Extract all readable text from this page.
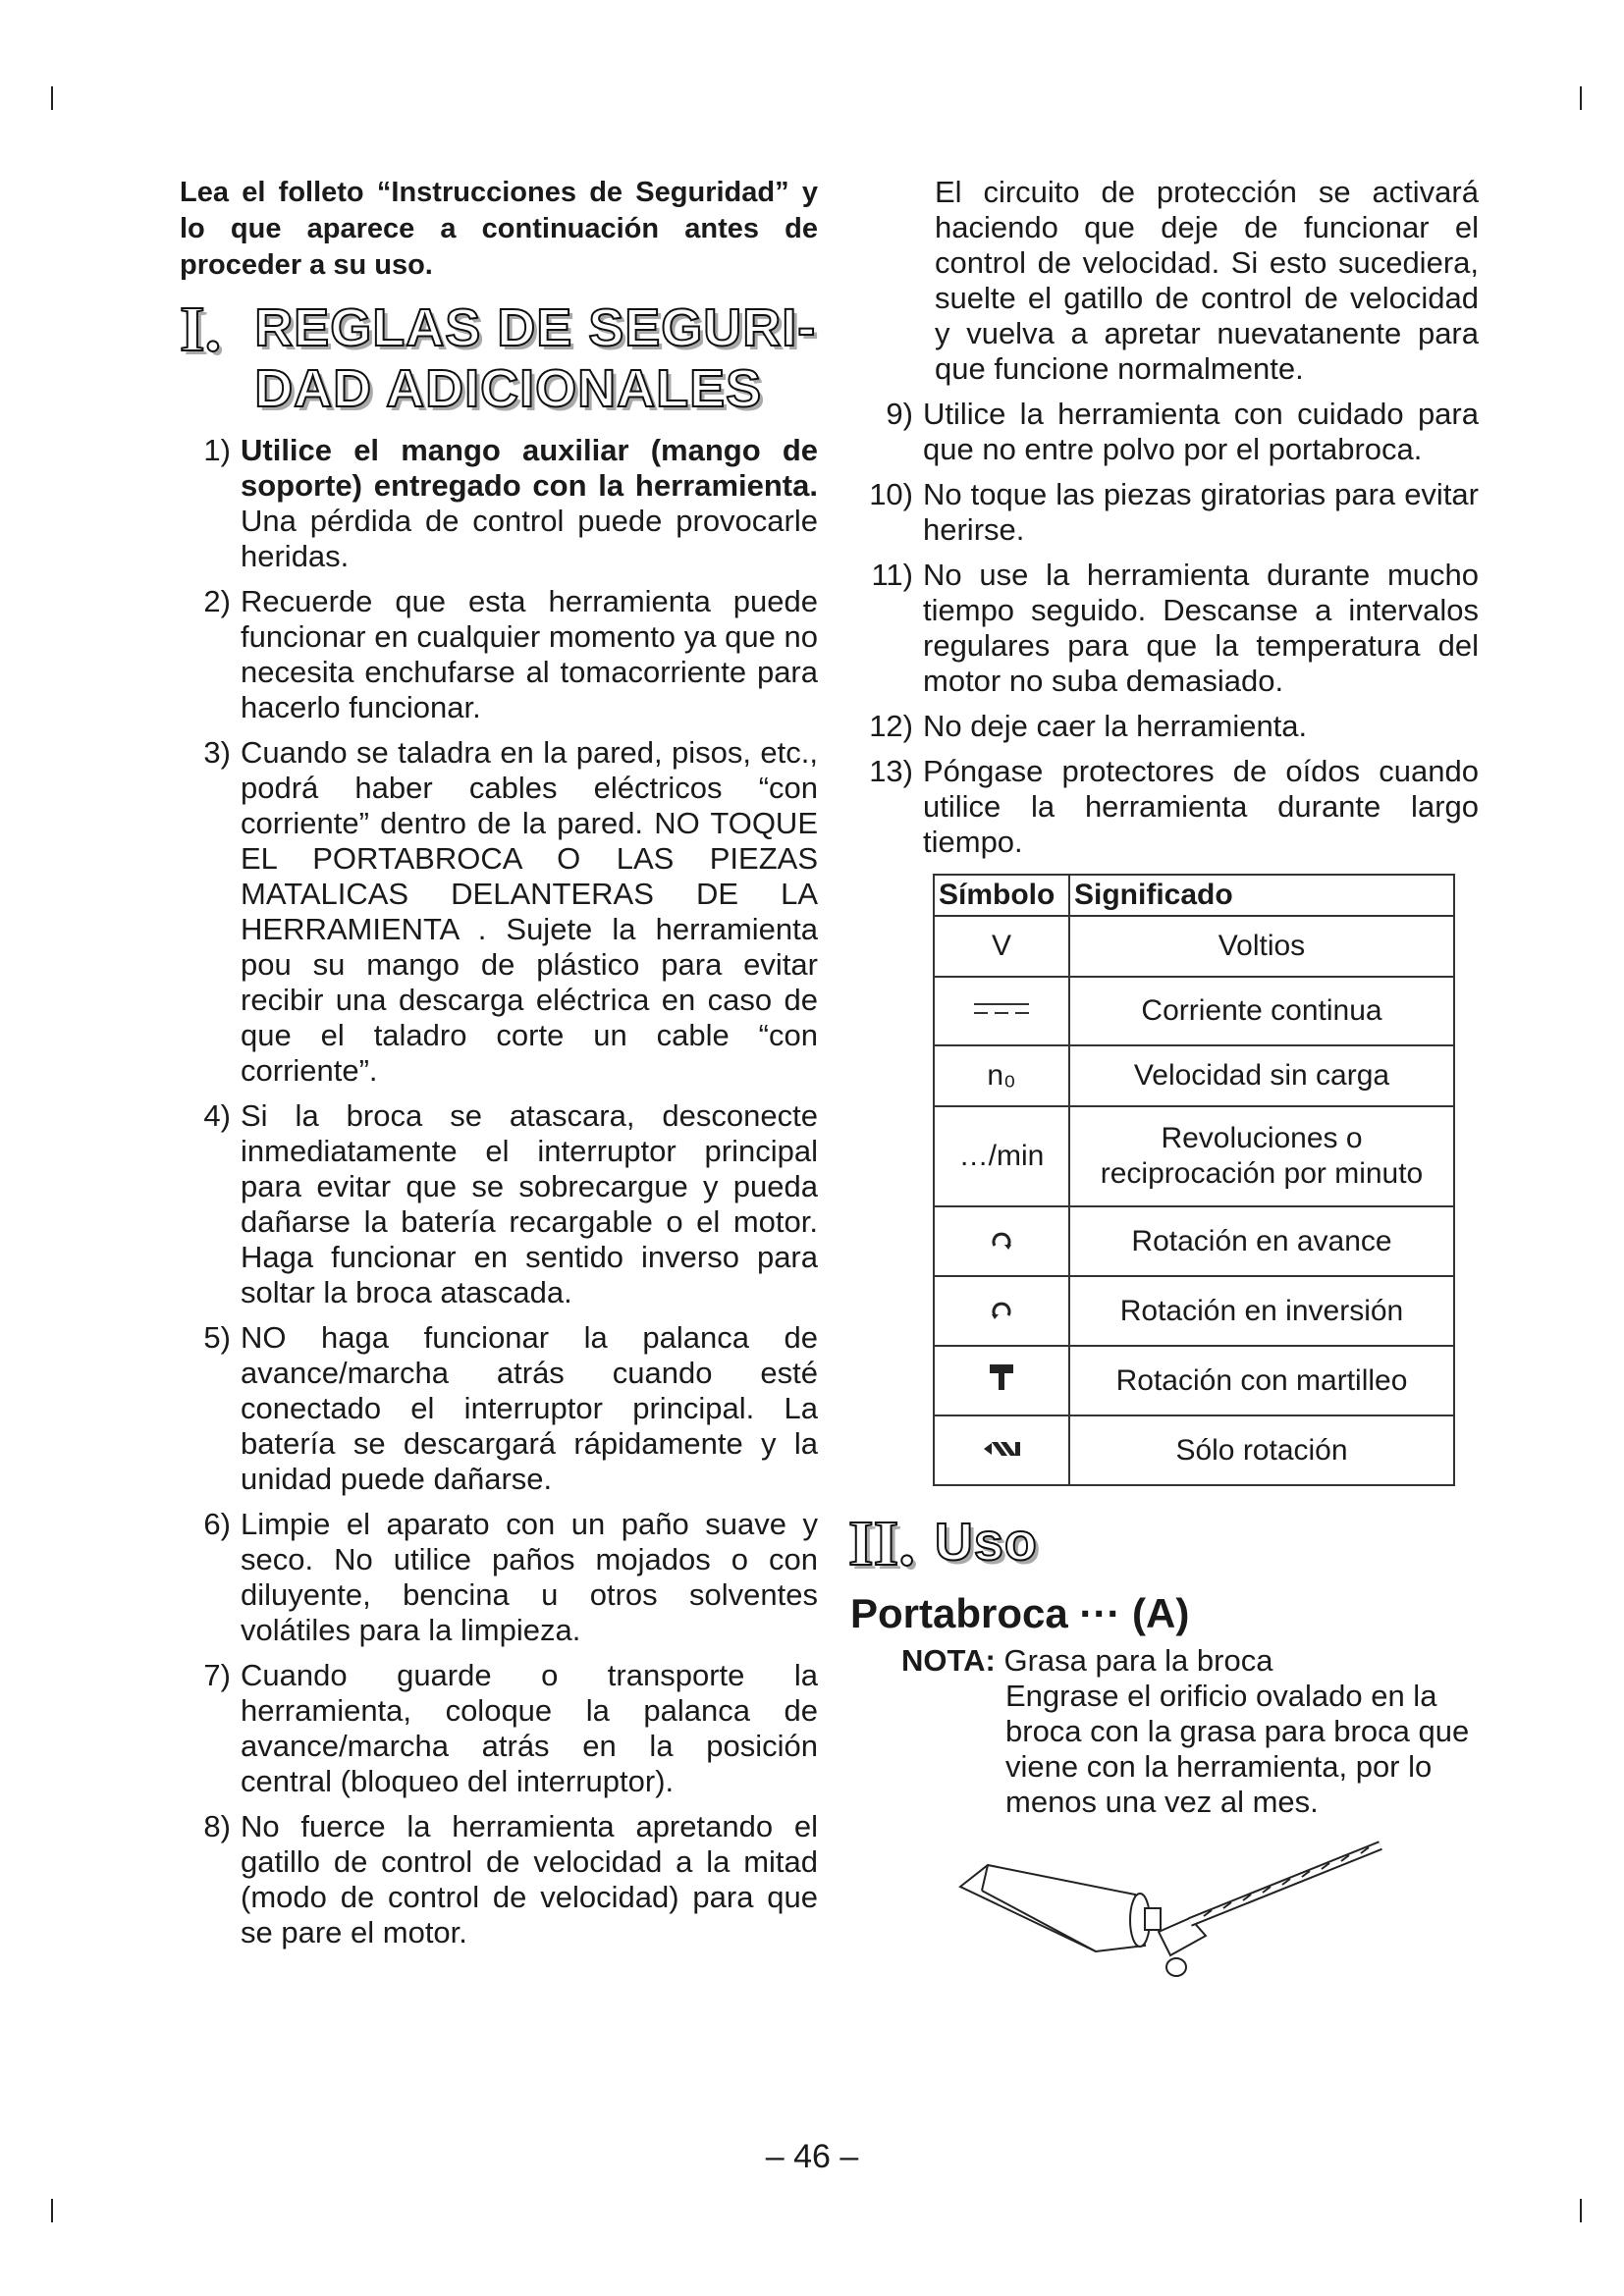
Lea el folleto “Instrucciones de Seguridad” y lo que aparece a continuación antes de proceder a su uso.

I. REGLAS DE SEGURI-
DAD ADICIONALES
1) Utilice el mango auxiliar (mango de soporte) entregado con la herramienta. Una pérdida de control puede provocarle heridas.
2) Recuerde que esta herramienta puede funcionar en cualquier momento ya que no necesita enchufarse al tomacorriente para hacerlo funcionar.
3) Cuando se taladra en la pared, pisos, etc., podrá haber cables eléctricos “con corriente” dentro de la pared. NO TOQUE EL PORTABROCA O LAS PIEZAS MATALICAS DELANTERAS DE LA HERRAMIENTA . Sujete la herramienta pou su mango de plástico para evitar recibir una descarga eléctrica en caso de que el taladro corte un cable “con corriente”.
4) Si la broca se atascara, desconecte inmediatamente el interruptor principal para evitar que se sobrecargue y pueda dañarse la batería recargable o el motor. Haga funcionar en sentido inverso para soltar la broca atascada.
5) NO haga funcionar la palanca de avance/marcha atrás cuando esté conectado el interruptor principal. La batería se descargará rápidamente y la unidad puede dañarse.
6) Limpie el aparato con un paño suave y seco. No utilice paños mojados o con diluyente, bencina u otros solventes volátiles para la limpieza.
7) Cuando guarde o transporte la herramienta, coloque la palanca de avance/marcha atrás en la posición central (bloqueo del interruptor).
8) No fuerce la herramienta apretando el gatillo de control de velocidad a la mitad (modo de control de velocidad) para que se pare el motor.

El circuito de protección se activará haciendo que deje de funcionar el control de velocidad. Si esto sucediera, suelte el gatillo de control de velocidad y vuelva a apretar nuevatanente para que funcione normalmente.

9) Utilice la herramienta con cuidado para que no entre polvo por el portabroca.
10) No toque las piezas giratorias para evitar herirse.
11) No use la herramienta durante mucho tiempo seguido. Descanse a intervalos regulares para que la temperatura del motor no suba demasiado.
12) No deje caer la herramienta.
13) Póngase protectores de oídos cuando utilice la herramienta durante largo tiempo.
Símbolo	Significado
V	Voltios
	Corriente continua
n₀	Velocidad sin carga
…/min	Revoluciones o reciprocación por minuto
	Rotación en avance
	Rotación en inversión
	Rotación con martilleo
	Sólo rotación
II. Uso
Portabroca ··· (A)
NOTA: Grasa para la broca
Engrase el orificio ovalado en la broca con la grasa para broca que viene con la herramienta, por lo menos una vez al mes.
– 46 –
